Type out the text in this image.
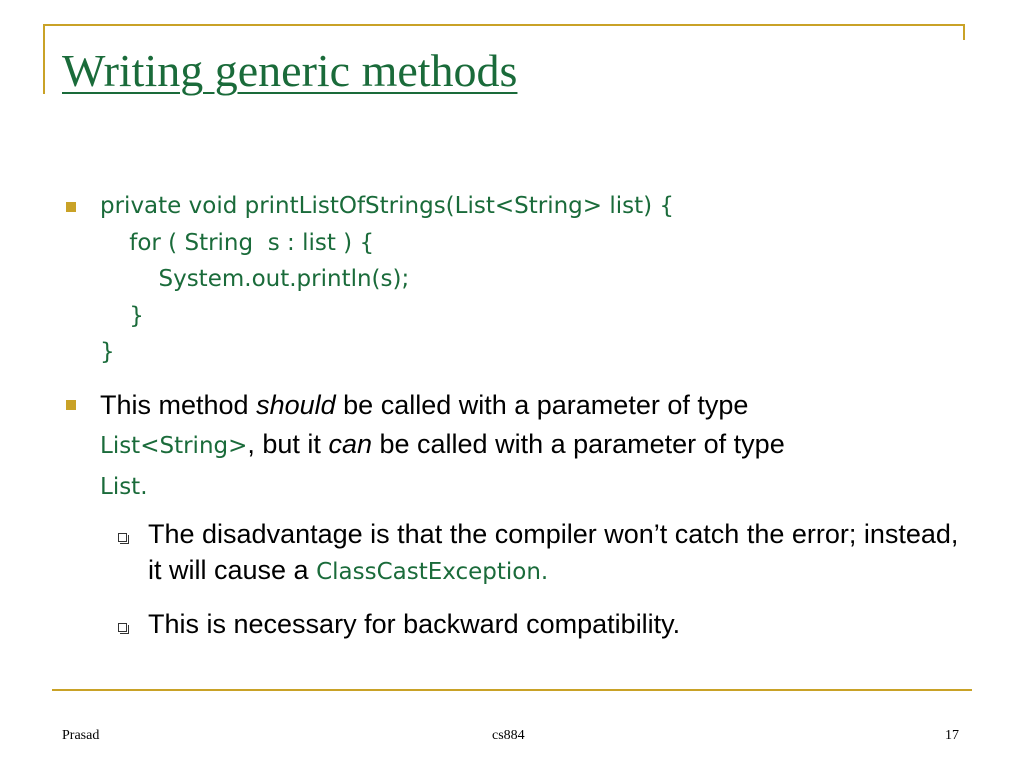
Writing generic methods
private void printListOfStrings(List<String> list) {
for ( String  s : list ) {
System.out.println(s);
}
}

This method should be called with a parameter of type
List<String>, but it can be called with a parameter of type
List.

The disadvantage is that the compiler won’t catch the error; instead, it will cause a ClassCastException.

This is necessary for backward compatibility.

Prasad	cs884	17
